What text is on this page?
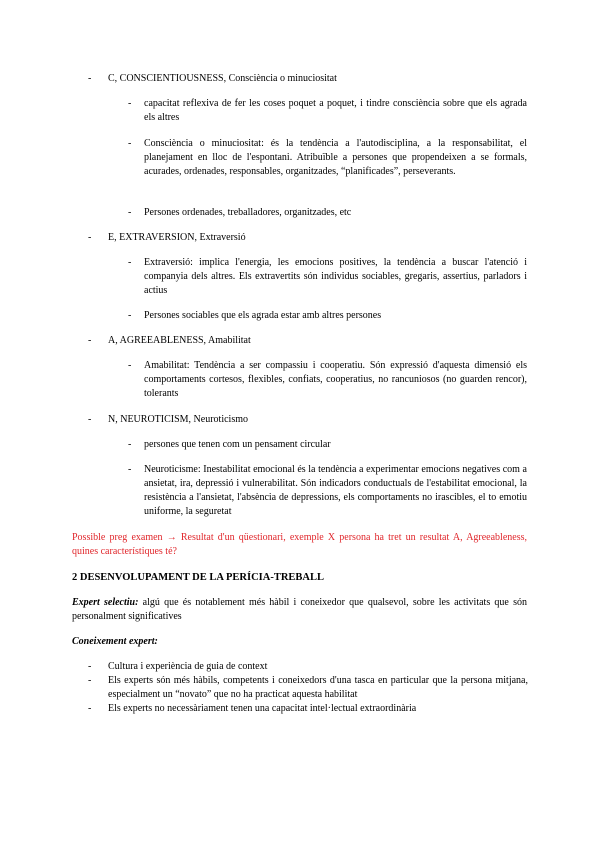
- C, CONSCIENTIOUSNESS, Consciència o minuciositat
- capacitat reflexiva de fer les coses poquet a poquet, i tindre consciència sobre que els agrada els altres
- Consciència o minuciositat: és la tendència a l'autodisciplina, a la responsabilitat, el planejament en lloc de l'espontani. Atribuïble a persones que propendeixen a se formals, acurades, ordenades, responsables, organitzades, “planificades”, perseverants.
- Persones ordenades, treballadores, organitzades, etc
- E, EXTRAVERSION, Extraversió
- Extraversió: implica l'energia, les emocions positives, la tendència a buscar l'atenció i companyia dels altres. Els extravertits són individus sociables, gregaris, assertius, parladors i actius
- Persones sociables que els agrada estar amb altres persones
- A, AGREEABLENESS, Amabilitat
- Amabilitat: Tendència a ser compassiu i cooperatiu. Són expressió d'aquesta dimensió els comportaments cortesos, flexibles, confiats, cooperatius, no rancuniosos (no guarden rencor), tolerants
- N, NEUROTICISM, Neuroticismo
- persones que tenen com un pensament circular
- Neuroticisme: Inestabilitat emocional és la tendència a experimentar emocions negatives com a ansietat, ira, depressió i vulnerabilitat. Són indicadors conductuals de l'estabilitat emocional, la resistència a l'ansietat, l'absència de depressions, els comportaments no irascibles, el to emotiu uniforme, la seguretat
Possible preg examen → Resultat d'un qüestionari, exemple X persona ha tret un resultat A, Agreeableness, quines característiques té?
2 DESENVOLUPAMENT DE LA PERÍCIA-TREBALL
Expert selectiu: algú que és notablement més hàbil i coneixedor que qualsevol, sobre les activitats que són personalment significatives
Coneixement expert:
- Cultura i experiència de guia de context
- Els experts són més hàbils, competents i coneixedors d'una tasca en particular que la persona mitjana, especialment un “novato” que no ha practicat aquesta habilitat
- Els experts no necessàriament tenen una capacitat intel·lectual extraordinària
